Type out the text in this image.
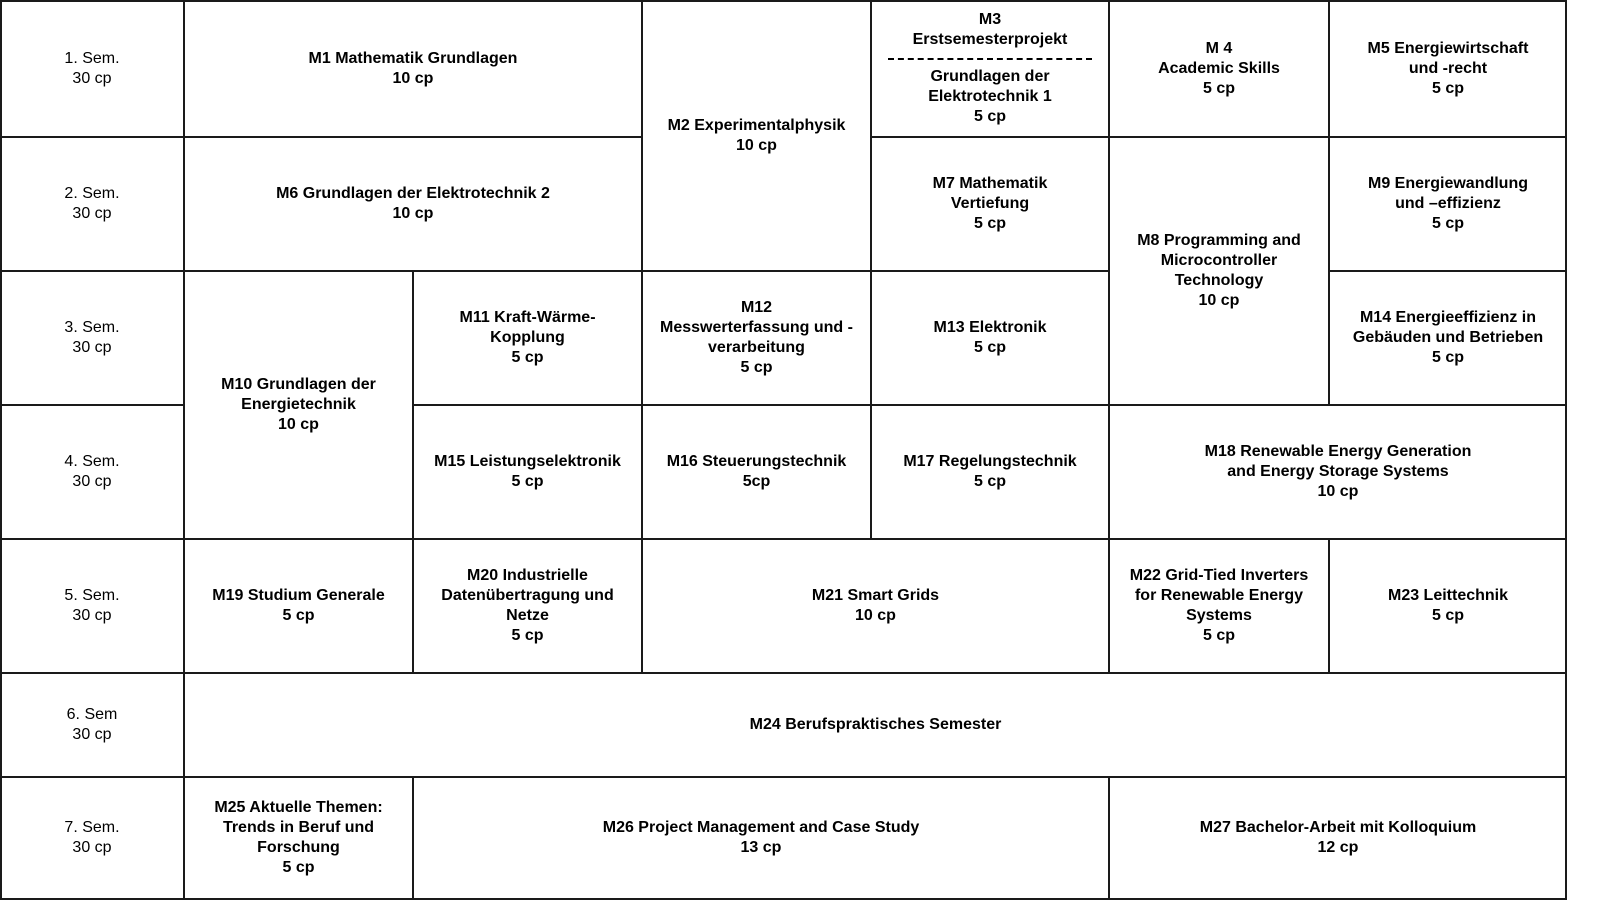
1. Sem.
30 cp
2. Sem.
30 cp
3. Sem.
30 cp
4. Sem.
30 cp
5. Sem.
30 cp
6. Sem
30 cp
7. Sem.
30 cp
M1 Mathematik Grundlagen
10 cp
M2 Experimentalphysik
10 cp
M3
Erstsemesterprojekt
Grundlagen der
Elektrotechnik 1
5 cp
M 4
Academic Skills
5 cp
M5 Energiewirtschaft
und -recht
5 cp
M6 Grundlagen der Elektrotechnik 2
10 cp
M7 Mathematik
Vertiefung
5 cp
M8 Programming and
Microcontroller
Technology
10 cp
M9 Energiewandlung
und –effizienz
5 cp
M10 Grundlagen der
Energietechnik
10 cp
M11 Kraft-Wärme-
Kopplung
5 cp
M12
Messwerterfassung und -
verarbeitung
5 cp
M13 Elektronik
5 cp
M14 Energieeffizienz in
Gebäuden und Betrieben
5 cp
M15 Leistungselektronik
5 cp
M16 Steuerungstechnik
5cp
M17 Regelungstechnik
5 cp
M18 Renewable Energy Generation
and Energy Storage Systems
10 cp
M19 Studium Generale
5 cp
M20 Industrielle
Datenübertragung und
Netze
5 cp
M21 Smart Grids
10 cp
M22 Grid-Tied Inverters
for Renewable Energy
Systems
5 cp
M23 Leittechnik
5 cp
M24 Berufspraktisches Semester
M25 Aktuelle Themen:
Trends in Beruf und
Forschung
5 cp
M26 Project Management and Case Study
13 cp
M27 Bachelor-Arbeit mit Kolloquium
12 cp
